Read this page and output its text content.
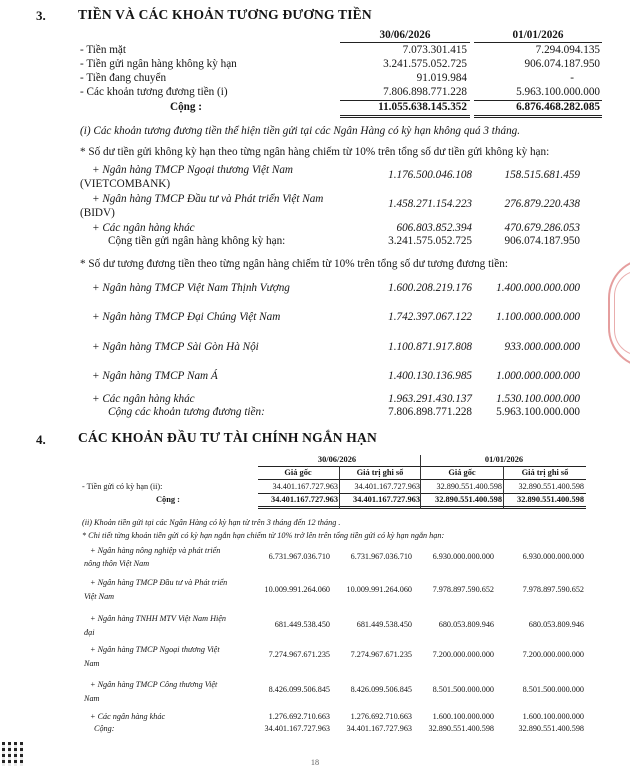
3. TIỀN VÀ CÁC KHOẢN TƯƠNG ĐƯƠNG TIỀN
30/06/2026	01/01/2026
- Tiền mặt	7.073.301.415	7.294.094.135
- Tiền gửi ngân hàng không kỳ hạn	3.241.575.052.725	906.074.187.950
- Tiền đang chuyển	91.019.984	-
- Các khoản tương đương tiền (i)	7.806.898.771.228	5.963.100.000.000
Cộng :	11.055.638.145.352	6.876.468.282.085
(i) Các khoản tương đương tiền thể hiện tiền gửi tại các Ngân Hàng có kỳ hạn không quá 3 tháng.
* Số dư tiền gửi không kỳ hạn theo từng ngân hàng chiếm từ 10% trên tổng số dư tiền gửi không kỳ hạn:
+ Ngân hàng TMCP Ngoại thương Việt Nam
(VIETCOMBANK)
1.176.500.046.108	158.515.681.459
+ Ngân hàng TMCP Đầu tư và Phát triển Việt Nam
(BIDV)
1.458.271.154.223	276.879.220.438
+ Các ngân hàng khác	606.803.852.394	470.679.286.053
Cộng tiền gửi ngân hàng không kỳ hạn:	3.241.575.052.725	906.074.187.950
* Số dư tương đương tiền theo từng ngân hàng chiếm từ 10% trên tổng số dư tương đương tiền:
+ Ngân hàng TMCP Việt Nam Thịnh Vượng	1.600.208.219.176	1.400.000.000.000
+ Ngân hàng TMCP Đại Chúng Việt Nam	1.742.397.067.122	1.100.000.000.000
+ Ngân hàng TMCP Sài Gòn Hà Nội	1.100.871.917.808	933.000.000.000
+ Ngân hàng TMCP Nam Á	1.400.130.136.985	1.000.000.000.000
+ Các ngân hàng khác	1.963.291.430.137	1.530.100.000.000
Cộng các khoản tương đương tiền:	7.806.898.771.228	5.963.100.000.000
4. CÁC KHOẢN ĐẦU TƯ TÀI CHÍNH NGẮN HẠN
30/06/2026	01/01/2026
Giá gốc	Giá trị ghi sổ	Giá gốc	Giá trị ghi sổ
- Tiền gửi có kỳ hạn (ii):	34.401.167.727.963	34.401.167.727.963	32.890.551.400.598	32.890.551.400.598
Cộng :	34.401.167.727.963	34.401.167.727.963	32.890.551.400.598	32.890.551.400.598
(ii) Khoản tiền gửi tại các Ngân Hàng có kỳ hạn từ trên 3 tháng đến 12 tháng .
* Chi tiết từng khoản tiền gửi có kỳ hạn ngắn hạn chiếm từ 10% trở lên trên tổng tiền gửi có kỳ hạn ngắn hạn:
+ Ngân hàng nông nghiệp và phát triển
nông thôn Việt Nam
6.731.967.036.710	6.731.967.036.710	6.930.000.000.000	6.930.000.000.000
+ Ngân hàng TMCP Đầu tư và Phát triển
Việt Nam
10.009.991.264.060	10.009.991.264.060	7.978.897.590.652	7.978.897.590.652
+ Ngân hàng TNHH MTV Việt Nam Hiện
đại
681.449.538.450	681.449.538.450	680.053.809.946	680.053.809.946
+ Ngân hàng TMCP Ngoại thương Việt
Nam
7.274.967.671.235	7.274.967.671.235	7.200.000.000.000	7.200.000.000.000
+ Ngân hàng TMCP Công thương Việt
Nam
8.426.099.506.845	8.426.099.506.845	8.501.500.000.000	8.501.500.000.000
+ Các ngân hàng khác	1.276.692.710.663	1.276.692.710.663	1.600.100.000.000	1.600.100.000.000
Cộng:	34.401.167.727.963	34.401.167.727.963	32.890.551.400.598	32.890.551.400.598
18
